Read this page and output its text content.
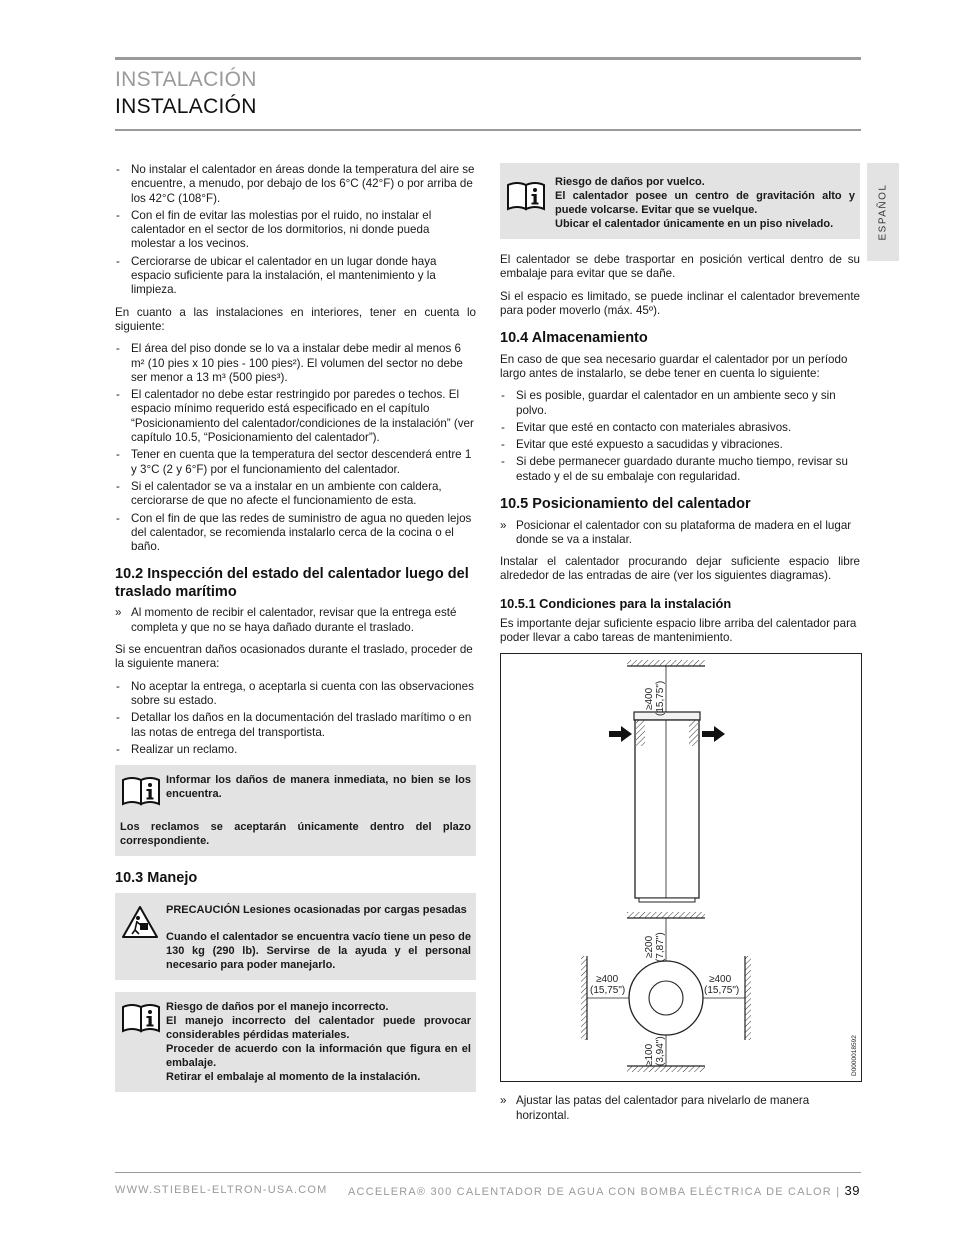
INSTALACIÓN
INSTALACIÓN
ESPAÑOL
- No instalar el calentador en áreas donde la temperatura del aire se encuentre, a menudo, por debajo de los 6°C (42°F) o por arriba de los 42°C (108°F).
- Con el fin de evitar las molestias por el ruido, no instalar el calentador en el sector de los dormitorios, ni donde pueda molestar a los vecinos.
- Cerciorarse de ubicar el calentador en un lugar donde haya espacio suficiente para la instalación, el mantenimiento y la limpieza.

En cuanto a las instalaciones en interiores, tener en cuenta lo siguiente:

- El área del piso donde se lo va a instalar debe medir al menos 6 m² (10 pies x 10 pies - 100 pies²). El volumen del sector no debe ser menor a 13 m³ (500 pies³).
- El calentador no debe estar restringido por paredes o techos. El espacio mínimo requerido está especificado en el capítulo “Posicionamiento del calentador/condiciones de la instalación” (ver capítulo 10.5, “Posicionamiento del calentador”).
- Tener en cuenta que la temperatura del sector descenderá entre 1 y 3°C (2 y 6°F) por el funcionamiento del calentador.
- Si el calentador se va a instalar en un ambiente con caldera, cerciorarse de que no afecte el funcionamiento de esta.
- Con el fin de que las redes de suministro de agua no queden lejos del calentador, se recomienda instalarlo cerca de la cocina o el baño.
10.2 Inspección del estado del calentador luego del traslado marítimo
» Al momento de recibir el calentador, revisar que la entrega esté completa y que no se haya dañado durante el traslado.

Si se encuentran daños ocasionados durante el traslado, proceder de la siguiente manera:

- No aceptar la entrega, o aceptarla si cuenta con las observaciones sobre su estado.
- Detallar los daños en la documentación del traslado marítimo o en las notas de entrega del transportista.
- Realizar un reclamo.
Informar los daños de manera inmediata, no bien se los encuentra.
Los reclamos se aceptarán únicamente dentro del plazo correspondiente.
10.3 Manejo
PRECAUCIÓN Lesiones ocasionadas por cargas pesadas
Cuando el calentador se encuentra vacío tiene un peso de 130 kg (290 lb). Servirse de la ayuda y el personal necesario para poder manejarlo.
Riesgo de daños por el manejo incorrecto.
El manejo incorrecto del calentador puede provocar considerables pérdidas materiales.
Proceder de acuerdo con la información que figura en el embalaje.
Retirar el embalaje al momento de la instalación.
Riesgo de daños por vuelco.
El calentador posee un centro de gravitación alto y puede volcarse. Evitar que se vuelque.
Ubicar el calentador únicamente en un piso nivelado.

El calentador se debe trasportar en posición vertical dentro de su embalaje para evitar que se dañe.

Si el espacio es limitado, se puede inclinar el calentador brevemente para poder moverlo (máx. 45º).

10.4 Almacenamiento

En caso de que sea necesario guardar el calentador por un período largo antes de instalarlo, se debe tener en cuenta lo siguiente:

- Si es posible, guardar el calentador en un ambiente seco y sin polvo.
- Evitar que esté en contacto con materiales abrasivos.
- Evitar que esté expuesto a sacudidas y vibraciones.
- Si debe permanecer guardado durante mucho tiempo, revisar su estado y el de su embalaje con regularidad.
10.5 Posicionamiento del calentador
» Posicionar el calentador con su plataforma de madera en el lugar donde se va a instalar.

Instalar el calentador procurando dejar suficiente espacio libre alrededor de las entradas de aire (ver los siguientes diagramas).

10.5.1 Condiciones para la instalación

Es importante dejar suficiente espacio libre arriba del calentador para poder llevar a cabo tareas de mantenimiento.

≥400 (15,75")
≥200 (7,87")
≥400
(15,75")
≥400
(15,75")
≥100 (3,94")	D0000018592
» Ajustar las patas del calentador para nivelarlo de manera horizontal.
WWW.STIEBEL-ELTRON-USA.COM ACCELERA® 300 CALENTADOR DE AGUA CON BOMBA ELÉCTRICA DE CALOR | 39
